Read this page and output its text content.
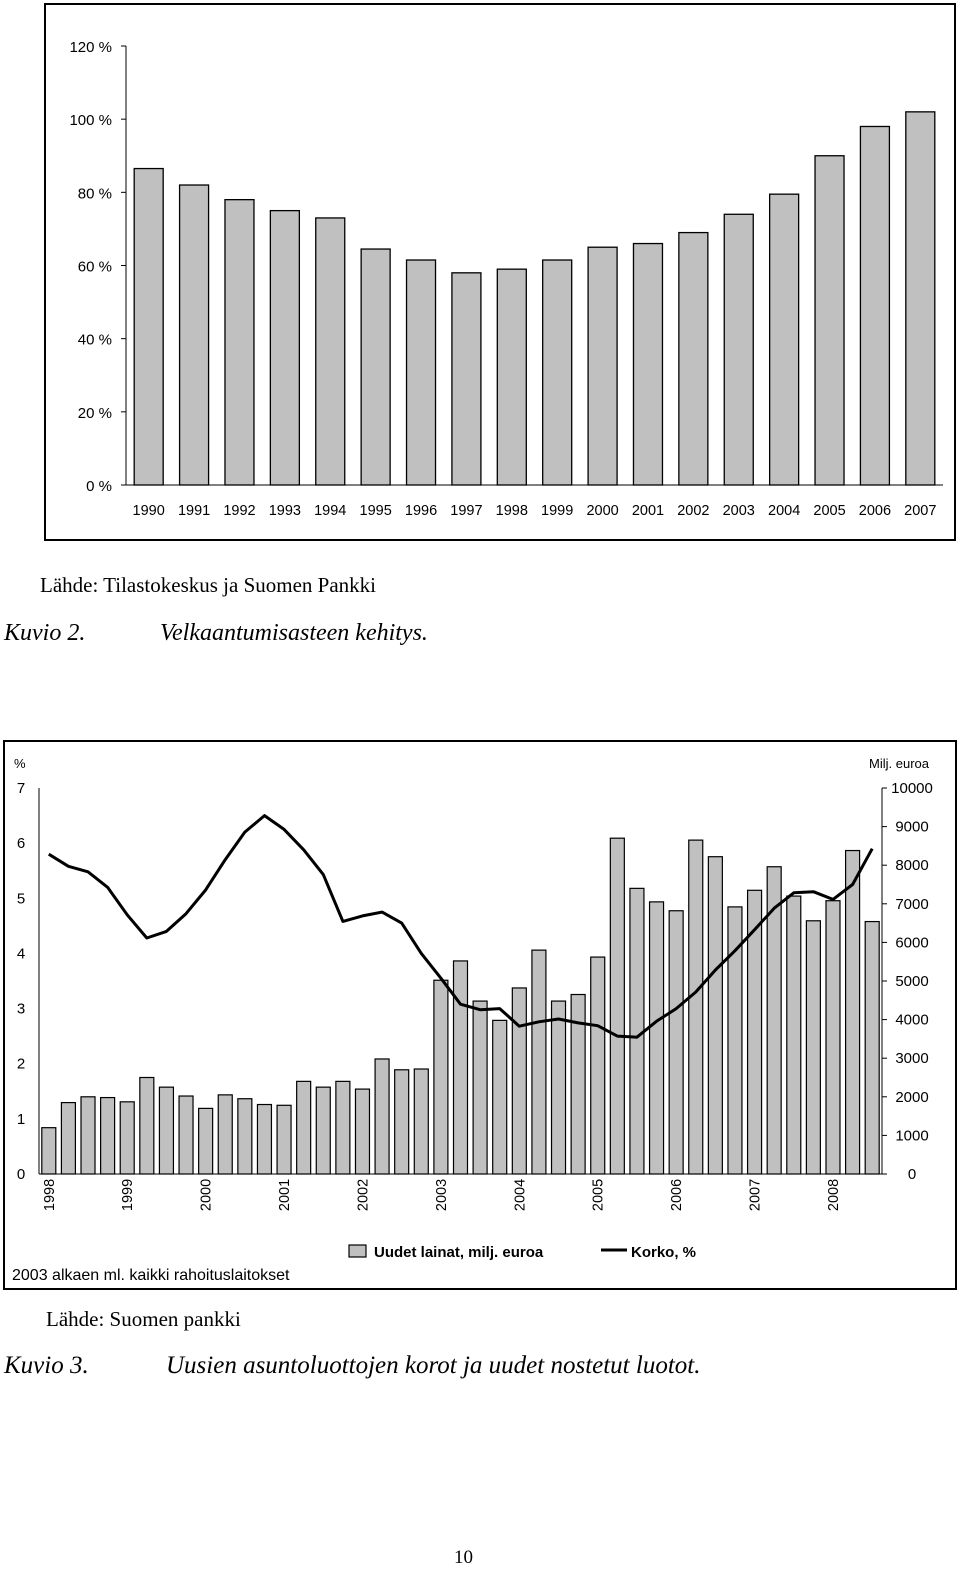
0 %
20 %
40 %
60 %
80 %
100 %
120 %
1990 1991 1992 1993 1994 1995 1996 1997 1998 1999 2000 2001 2002 2003 2004 2005 2006 2007
Lähde: Tilastokeskus ja Suomen Pankki
Kuvio 2.	Velkaantumisasteen kehitys.
%	Milj. euroa
0
1
2
3
4
5
6
7
0
1000
2000
3000
4000
5000
6000
7000
8000
9000
10000
1998	1999	2000	2001	2002	2003	2004	2005	2006	2007	2008
2003 alkaen ml. kaikki rahoituslaitokset
Uudet lainat, milj. euroa	Korko, %
Lähde: Suomen pankki
Kuvio 3.	Uusien asuntoluottojen korot ja uudet nostetut luotot.
10
